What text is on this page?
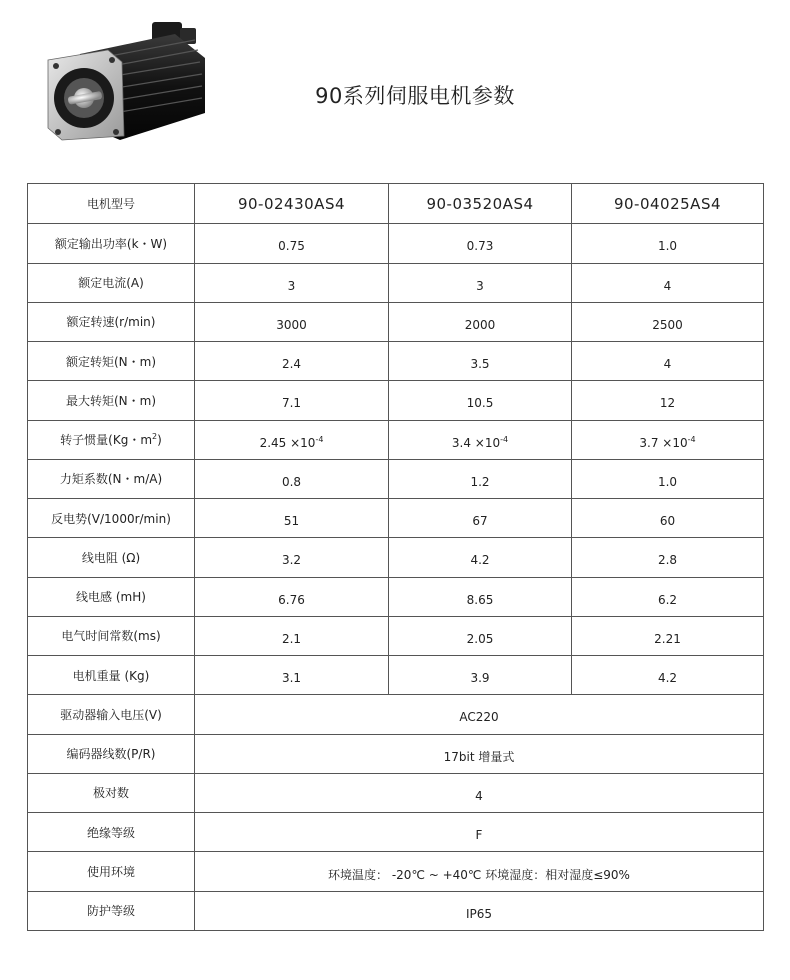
90系列伺服电机参数
电机型号	90-02430AS4	90-03520AS4	90-04025AS4
额定输出功率(k・W)	0.75	0.73	1.0
额定电流(A)	3	3	4
额定转速(r/min)	3000	2000	2500
额定转矩(N・m)	2.4	3.5	4
最大转矩(N・m)	7.1	10.5	12
转子惯量(Kg・$m^2$)	$2.45 \times 10^{-4}$	$3.4 \times 10^{-4}$	$3.7 \times 10^{-4}$
力矩系数(N・m/A)	0.8	1.2	1.0
反电势(V/1000r/min)	51	67	60
线电阻 (Ω)	3.2	4.2	2.8
线电感 (mH)	6.76	8.65	6.2
电气时间常数(ms)	2.1	2.05	2.21
电机重量 (Kg)	3.1	3.9	4.2
驱动器输入电压(V)	AC220		
编码器线数(P/R)	17bit 增量式		
极对数	4		
绝缘等级	F		
使用环境	环境温度： -20℃ ~ +40℃ 环境湿度：相对湿度≤90%		
防护等级	IP65		
